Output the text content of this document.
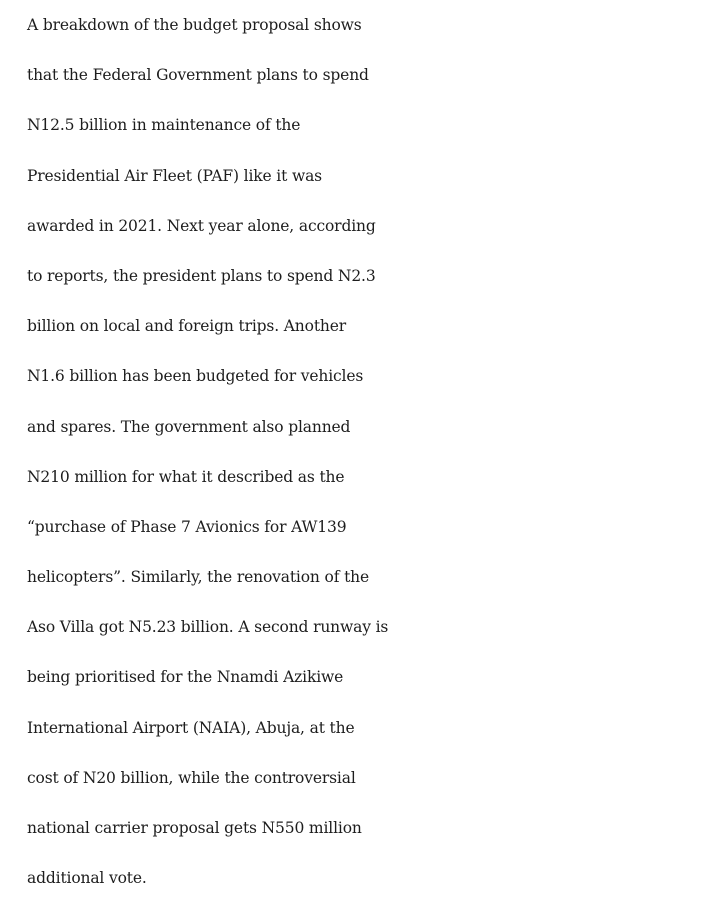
A breakdown of the budget proposal shows
that the Federal Government plans to spend
N12.5 billion in maintenance of the
Presidential Air Fleet (PAF) like it was
awarded in 2021. Next year alone, according
to reports, the president plans to spend N2.3
billion on local and foreign trips. Another
N1.6 billion has been budgeted for vehicles
and spares. The government also planned
N210 million for what it described as the
“purchase of Phase 7 Avionics for AW139
helicopters”. Similarly, the renovation of the
Aso Villa got N5.23 billion. A second runway is
being prioritised for the Nnamdi Azikiwe
International Airport (NAIA), Abuja, at the
cost of N20 billion, while the controversial
national carrier proposal gets N550 million
additional vote.
